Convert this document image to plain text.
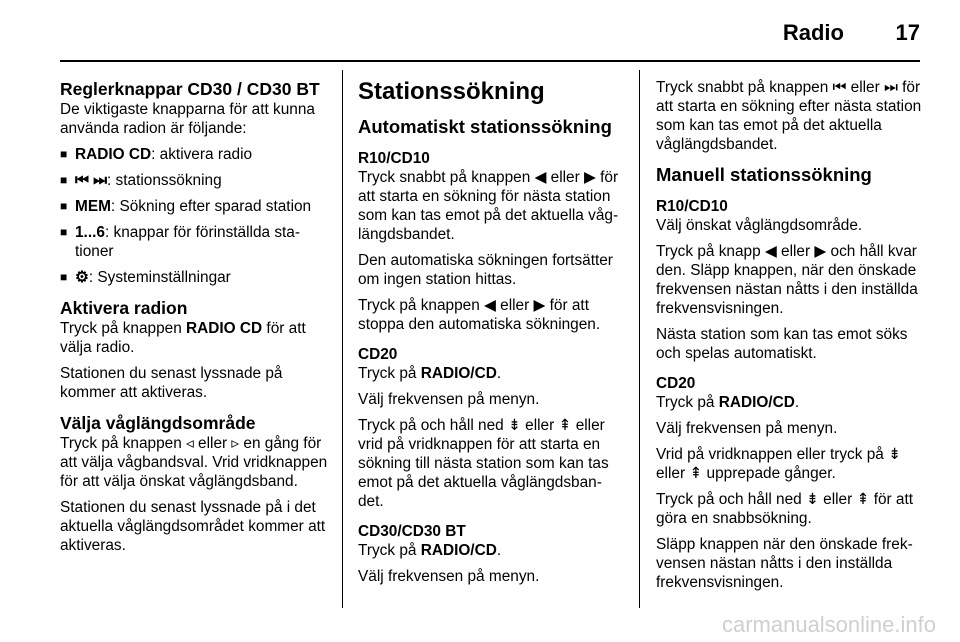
Radio 17
Reglerknappar CD30 / CD30 BT

De viktigaste knapparna för att kunna använda radion är följande:

■ RADIO CD: aktivera radio
■ ⏮ ⏭: stationssökning
■ MEM: Sökning efter sparad station
■ 1...6: knappar för förinställda stationer
■ ⚙: Systeminställningar
Aktivera radion

Tryck på knappen RADIO CD för att välja radio.

Stationen du senast lyssnade på kommer att aktiveras.

Välja våglängdsområde

Tryck på knappen ◃ eller ▹ en gång för att välja vågbandsval. Vrid vridknappen för att välja önskat våglängdsband.

Stationen du senast lyssnade på i det aktuella våglängdsområdet kommer att aktiveras.

Stationssökning
Automatiskt stationssökning
R10/CD10

Tryck snabbt på knappen ◀ eller ▶ för att starta en sökning för nästa station som kan tas emot på det aktuella våglängdsbandet.

Den automatiska sökningen fortsätter om ingen station hittas.

Tryck på knappen ◀ eller ▶ för att stoppa den automatiska sökningen.

CD20

Tryck på RADIO/CD.

Välj frekvensen på menyn.

Tryck på och håll ned ⇟ eller ⇞ eller vrid på vridknappen för att starta en sökning till nästa station som kan tas emot på det aktuella våglängdsbandet.

CD30/CD30 BT

Tryck på RADIO/CD.

Välj frekvensen på menyn.

Tryck snabbt på knappen ⏮ eller ⏭ för att starta en sökning efter nästa station som kan tas emot på det aktuella våglängdsbandet.

Manuell stationssökning
R10/CD10

Välj önskat våglängdsområde.

Tryck på knapp ◀ eller ▶ och håll kvar den. Släpp knappen, när den önskade frekvensen nästan nåtts i den inställda frekvensvisningen.

Nästa station som kan tas emot söks och spelas automatiskt.

CD20

Tryck på RADIO/CD.

Välj frekvensen på menyn.

Vrid på vridknappen eller tryck på ⇟ eller ⇞ upprepade gånger.

Tryck på och håll ned ⇟ eller ⇞ för att göra en snabbsökning.

Släpp knappen när den önskade frekvensen nästan nåtts i den inställda frekvensvisningen.

carmanualsonline.info
